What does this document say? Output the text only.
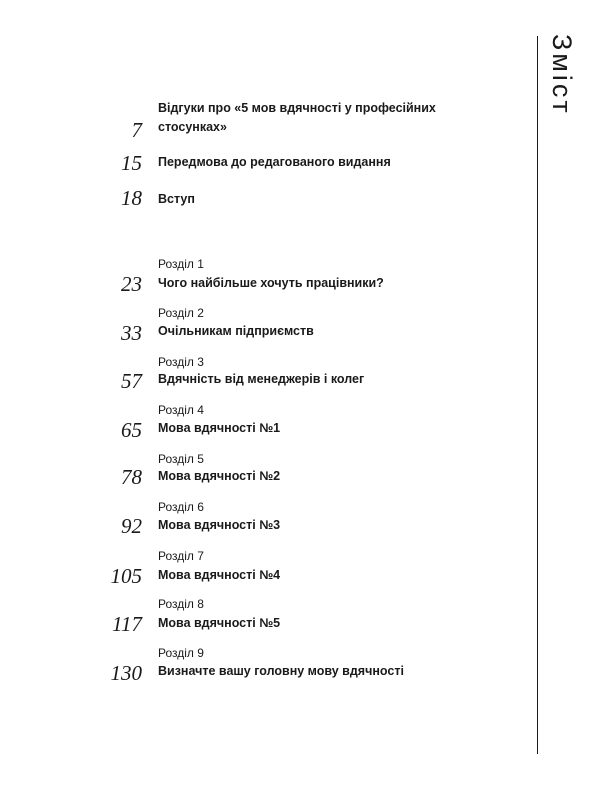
Зміст
Відгуки про «5 мов вдячності у професійних стосунках»
7
Передмова до редагованого видання
15
Вступ
18
Розділ 1
Чого найбільше хочуть працівники?
23
Розділ 2
Очільникам підприємств
33
Розділ 3
Вдячність від менеджерів і колег
57
Розділ 4
Мова вдячності №1
65
Розділ 5
Мова вдячності №2
78
Розділ 6
Мова вдячності №3
92
Розділ 7
Мова вдячності №4
105
Розділ 8
Мова вдячності №5
117
Розділ 9
Визначте вашу головну мову вдячності
130
